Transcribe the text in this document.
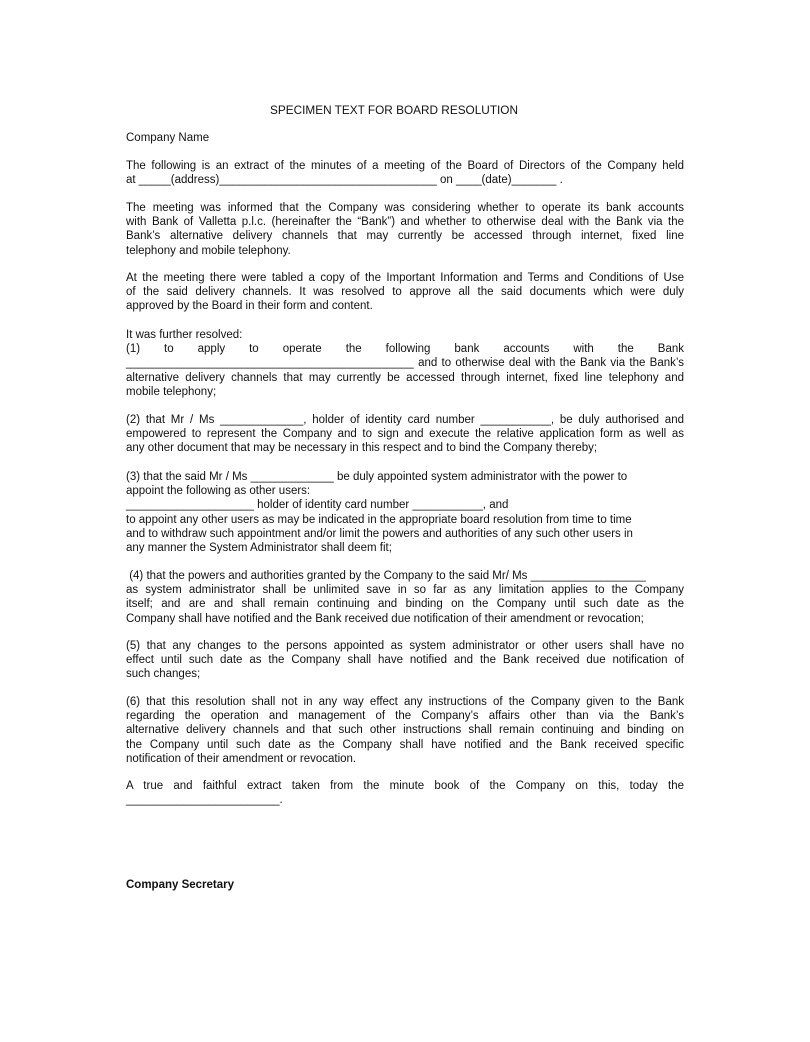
SPECIMEN TEXT FOR BOARD RESOLUTION
Company Name
The following is an extract of the minutes of a meeting of the Board of Directors of the Company held
at _____(address)__________________________________ on ____(date)_______ .
The meeting was informed that the Company was considering whether to operate its bank accounts
with Bank of Valletta p.l.c. (hereinafter the “Bank”) and whether to otherwise deal with the Bank via the
Bank’s alternative delivery channels that may currently be accessed through internet, fixed line
telephony and mobile telephony.
At the meeting there were tabled a copy of the Important Information and Terms and Conditions of Use
of the said delivery channels. It was resolved to approve all the said documents which were duly
approved by the Board in their form and content.
It was further resolved:
(1) to apply to operate the following bank accounts with the Bank
_____________________________________________ and to otherwise deal with the Bank via the Bank’s
alternative delivery channels that may currently be accessed through internet, fixed line telephony and
mobile telephony;
(2) that Mr / Ms _____________, holder of identity card number ___________, be duly authorised and
empowered to represent the Company and to sign and execute the relative application form as well as
any other document that may be necessary in this respect and to bind the Company thereby;
(3) that the said Mr / Ms _____________ be duly appointed system administrator with the power to
appoint the following as other users:
____________________ holder of identity card number ___________, and
to appoint any other users as may be indicated in the appropriate board resolution from time to time
and to withdraw such appointment and/or limit the powers and authorities of any such other users in
any manner the System Administrator shall deem fit;
(4) that the powers and authorities granted by the Company to the said Mr/ Ms __________________
as system administrator shall be unlimited save in so far as any limitation applies to the Company
itself; and are and shall remain continuing and binding on the Company until such date as the
Company shall have notified and the Bank received due notification of their amendment or revocation;
(5) that any changes to the persons appointed as system administrator or other users shall have no
effect until such date as the Company shall have notified and the Bank received due notification of
such changes;
(6) that this resolution shall not in any way effect any instructions of the Company given to the Bank
regarding the operation and management of the Company’s affairs other than via the Bank’s
alternative delivery channels and that such other instructions shall remain continuing and binding on
the Company until such date as the Company shall have notified and the Bank received specific
notification of their amendment or revocation.
A true and faithful extract taken from the minute book of the Company on this, today the
________________________.
Company Secretary
